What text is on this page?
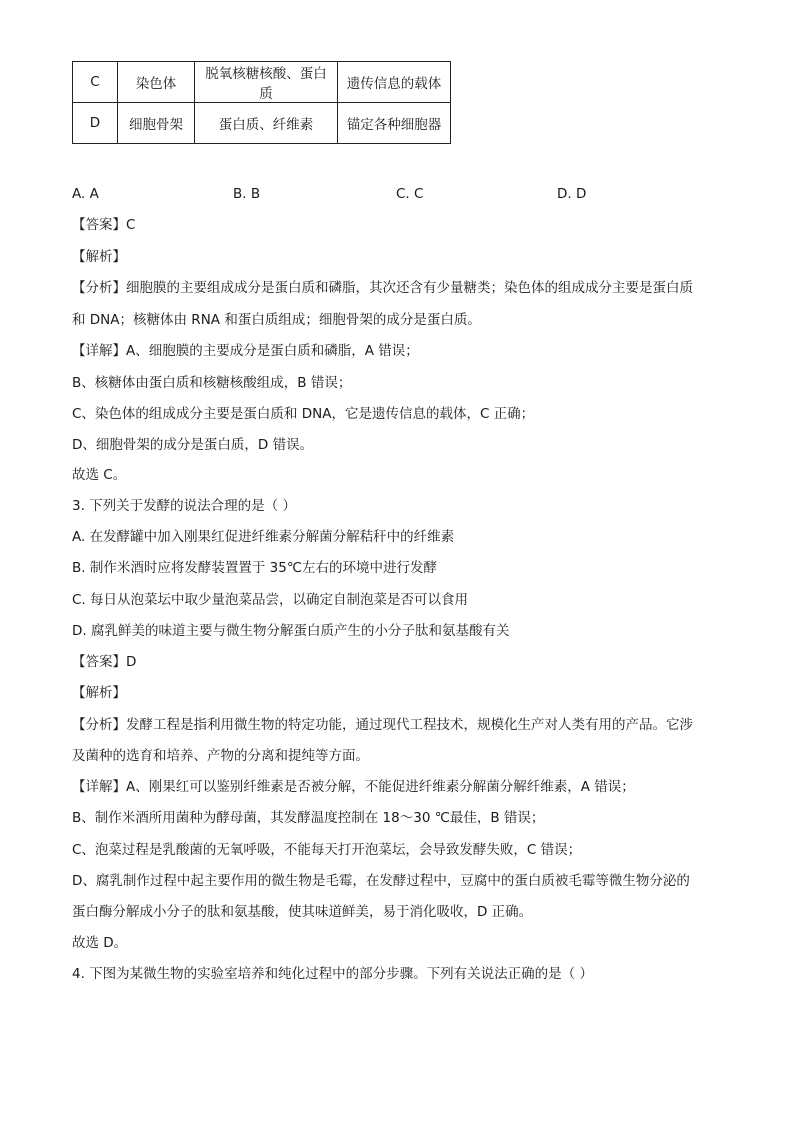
C	染色体	脱氧核糖核酸、蛋白质	遗传信息的载体
D	细胞骨架	蛋白质、纤维素	锚定各种细胞器
A. A	B. B	C. C	D. D
【答案】C
【解析】
【分析】细胞膜的主要组成成分是蛋白质和磷脂，其次还含有少量糖类；染色体的组成成分主要是蛋白质
和 DNA；核糖体由 RNA 和蛋白质组成；细胞骨架的成分是蛋白质。
【详解】A、细胞膜的主要成分是蛋白质和磷脂，A 错误；
B、核糖体由蛋白质和核糖核酸组成，B 错误；
C、染色体的组成成分主要是蛋白质和 DNA，它是遗传信息的载体，C 正确；
D、细胞骨架的成分是蛋白质，D 错误。
故选 C。
3. 下列关于发酵的说法合理的是（ ）
A. 在发酵罐中加入刚果红促进纤维素分解菌分解秸秆中的纤维素
B. 制作米酒时应将发酵装置置于 35℃左右的环境中进行发酵
C. 每日从泡菜坛中取少量泡菜品尝，以确定自制泡菜是否可以食用
D. 腐乳鲜美的味道主要与微生物分解蛋白质产生的小分子肽和氨基酸有关
【答案】D
【解析】
【分析】发酵工程是指利用微生物的特定功能，通过现代工程技术，规模化生产对人类有用的产品。它涉
及菌种的选育和培养、产物的分离和提纯等方面。
【详解】A、刚果红可以鉴别纤维素是否被分解，不能促进纤维素分解菌分解纤维素，A 错误；
B、制作米酒所用菌种为酵母菌，其发酵温度控制在 18～30 ℃最佳，B 错误；
C、泡菜过程是乳酸菌的无氧呼吸，不能每天打开泡菜坛，会导致发酵失败，C 错误；
D、腐乳制作过程中起主要作用的微生物是毛霉，在发酵过程中，豆腐中的蛋白质被毛霉等微生物分泌的
蛋白酶分解成小分子的肽和氨基酸，使其味道鲜美，易于消化吸收，D 正确。
故选 D。
4. 下图为某微生物的实验室培养和纯化过程中的部分步骤。下列有关说法正确的是（ ）
